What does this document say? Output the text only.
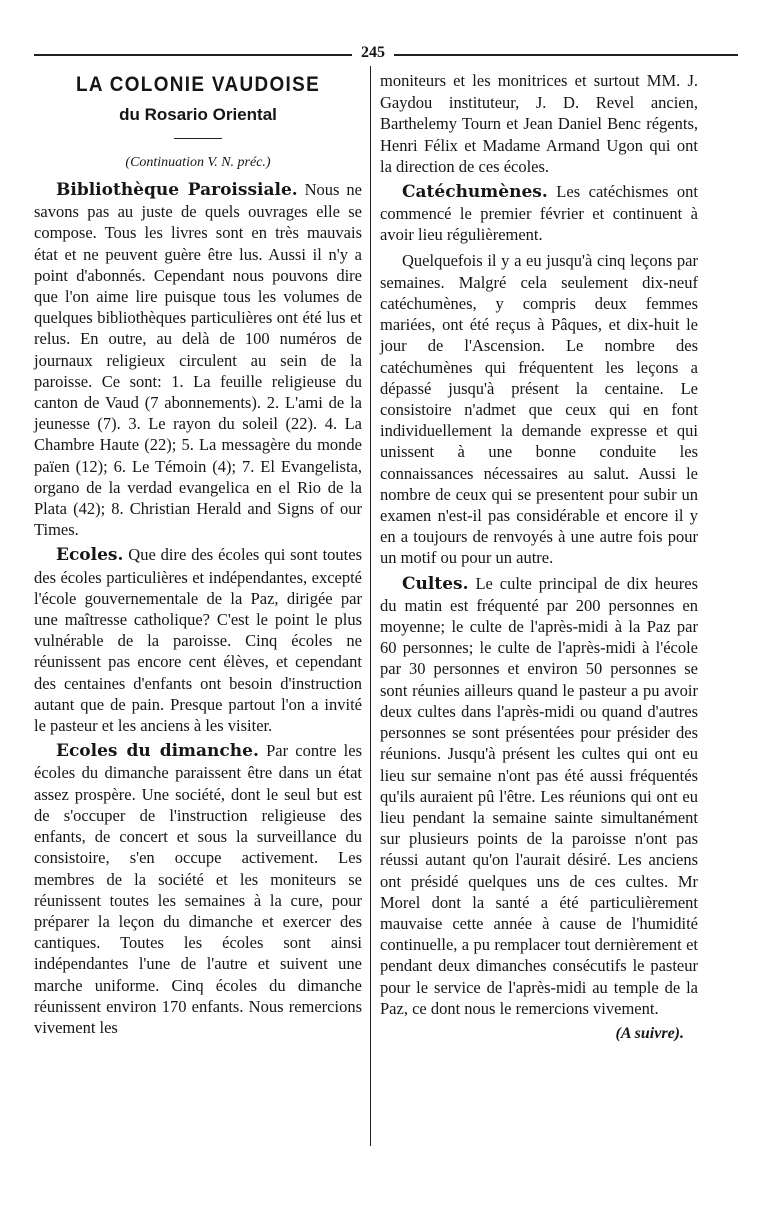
245
LA COLONIE VAUDOISE
du Rosario Oriental

(Continuation V. N. préc.)

Bibliothèque Paroissiale. Nous ne savons pas au juste de quels ouvrages elle se compose. Tous les livres sont en très mauvais état et ne peuvent guère être lus. Aussi il n'y a point d'abonnés. Cependant nous pouvons dire que l'on aime lire puisque tous les volumes de quelques bibliothèques particulières ont été lus et relus. En outre, au delà de 100 numéros de journaux religieux circulent au sein de la paroisse. Ce sont: 1. La feuille religieuse du canton de Vaud (7 abonnements). 2. L'ami de la jeunesse (7). 3. Le rayon du soleil (22). 4. La Chambre Haute (22); 5. La messagère du monde païen (12); 6. Le Témoin (4); 7. El Evangelista, organo de la verdad evangelica en el Rio de la Plata (42); 8. Christian Herald and Signs of our Times.

Ecoles. Que dire des écoles qui sont toutes des écoles particulières et indépendantes, excepté l'école gouvernementale de la Paz, dirigée par une maîtresse catholique? C'est le point le plus vulnérable de la paroisse. Cinq écoles ne réunissent pas encore cent élèves, et cependant des centaines d'enfants ont besoin d'instruction autant que de pain. Presque partout l'on a invité le pasteur et les anciens à les visiter.

Ecoles du dimanche. Par contre les écoles du dimanche paraissent être dans un état assez prospère. Une société, dont le seul but est de s'occuper de l'instruction religieuse des enfants, de concert et sous la surveillance du consistoire, s'en occupe activement. Les membres de la société et les moniteurs se réunissent toutes les semaines à la cure, pour préparer la leçon du dimanche et exercer des cantiques. Toutes les écoles sont ainsi indépendantes l'une de l'autre et suivent une marche uniforme. Cinq écoles du dimanche réunissent environ 170 enfants. Nous remercions vivement les

moniteurs et les monitrices et surtout MM. J. Gaydou instituteur, J. D. Revel ancien, Barthelemy Tourn et Jean Daniel Benc régents, Henri Félix et Madame Armand Ugon qui ont la direction de ces écoles.

Catéchumènes. Les catéchismes ont commencé le premier février et continuent à avoir lieu régulièrement.

Quelquefois il y a eu jusqu'à cinq leçons par semaines. Malgré cela seulement dix-neuf catéchumènes, y compris deux femmes mariées, ont été reçus à Pâques, et dix-huit le jour de l'Ascension. Le nombre des catéchumènes qui fréquentent les leçons a dépassé jusqu'à présent la centaine. Le consistoire n'admet que ceux qui en font individuellement la demande expresse et qui unissent à une bonne conduite les connaissances nécessaires au salut. Aussi le nombre de ceux qui se presentent pour subir un examen n'est-il pas considérable et encore il y en a toujours de renvoyés à une autre fois pour un motif ou pour un autre.

Cultes. Le culte principal de dix heures du matin est fréquenté par 200 personnes en moyenne; le culte de l'après-midi à la Paz par 60 personnes; le culte de l'après-midi à l'école par 30 personnes et environ 50 personnes se sont réunies ailleurs quand le pasteur a pu avoir deux cultes dans l'après-midi ou quand d'autres personnes se sont présentées pour présider des réunions. Jusqu'à présent les cultes qui ont eu lieu sur semaine n'ont pas été aussi fréquentés qu'ils auraient pû l'être. Les réunions qui ont eu lieu pendant la semaine sainte simultanément sur plusieurs points de la paroisse n'ont pas réussi autant qu'on l'aurait désiré. Les anciens ont présidé quelques uns de ces cultes. Mr Morel dont la santé a été particulièrement mauvaise cette année à cause de l'humidité continuelle, a pu remplacer tout dernièrement et pendant deux dimanches consécutifs le pasteur pour le service de l'après-midi au temple de la Paz, ce dont nous le remercions vivement.

(A suivre).
